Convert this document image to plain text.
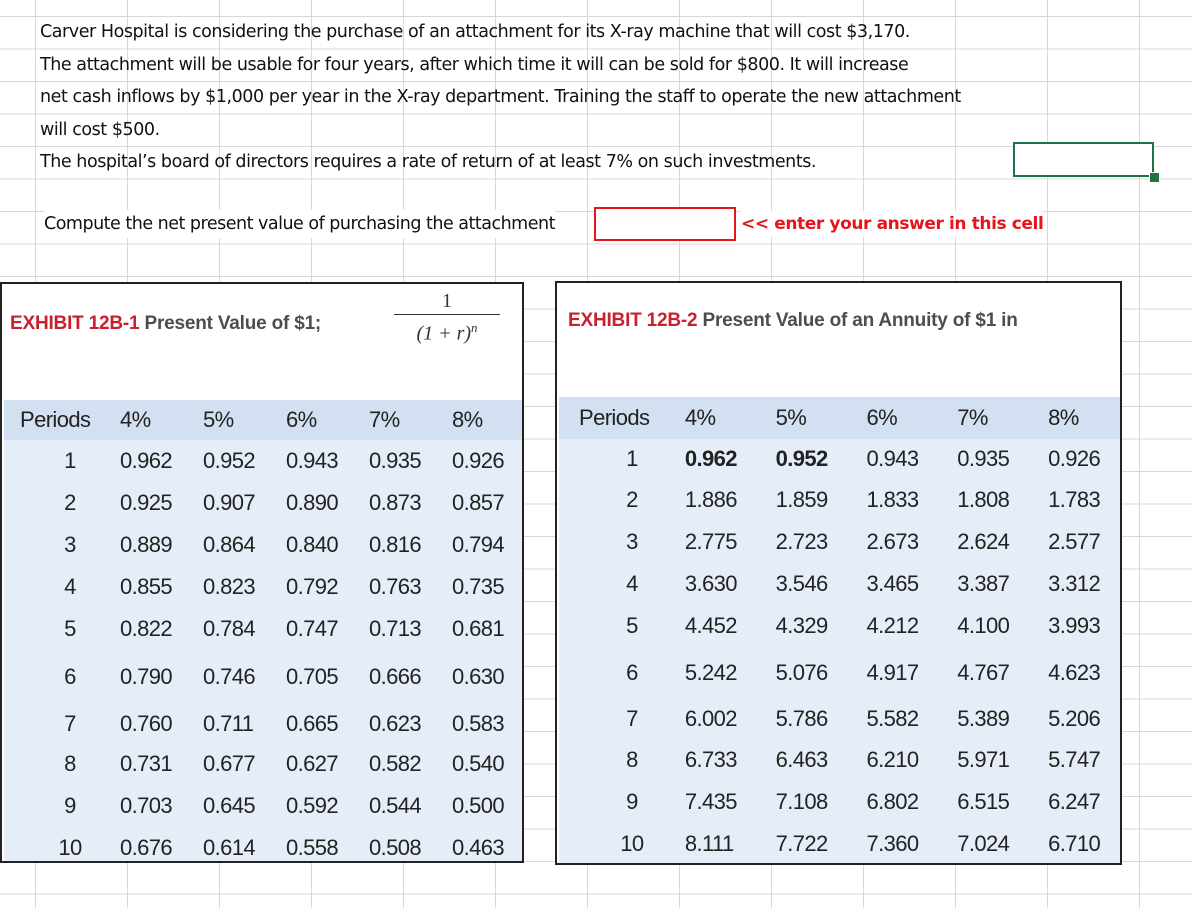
Carver Hospital is considering the purchase of an attachment for its X-ray machine that will cost $3,170.
The attachment will be usable for four years, after which time it will can be sold for $800. It will increase
net cash inflows by $1,000 per year in the X-ray department. Training the staff to operate the new attachment
will cost $500.
The hospital’s board of directors requires a rate of return of at least 7% on such investments.
Compute the net present value of purchasing the attachment	<< enter your answer in this cell
EXHIBIT 12B-1 Present Value of $1;
1
$(1 + r)^n$
Periods	4%	5%	6%	7%	8%
1	0.962	0.952	0.943	0.935	0.926
2	0.925	0.907	0.890	0.873	0.857
3	0.889	0.864	0.840	0.816	0.794
4	0.855	0.823	0.792	0.763	0.735
5	0.822	0.784	0.747	0.713	0.681
6	0.790	0.746	0.705	0.666	0.630
7	0.760	0.711	0.665	0.623	0.583
8	0.731	0.677	0.627	0.582	0.540
9	0.703	0.645	0.592	0.544	0.500
10	0.676	0.614	0.558	0.508	0.463
EXHIBIT 12B-2 Present Value of an Annuity of $1 in
Periods	4%	5%	6%	7%	8%
1	0.962	0.952	0.943	0.935	0.926
2	1.886	1.859	1.833	1.808	1.783
3	2.775	2.723	2.673	2.624	2.577
4	3.630	3.546	3.465	3.387	3.312
5	4.452	4.329	4.212	4.100	3.993
6	5.242	5.076	4.917	4.767	4.623
7	6.002	5.786	5.582	5.389	5.206
8	6.733	6.463	6.210	5.971	5.747
9	7.435	7.108	6.802	6.515	6.247
10	8.111	7.722	7.360	7.024	6.710
